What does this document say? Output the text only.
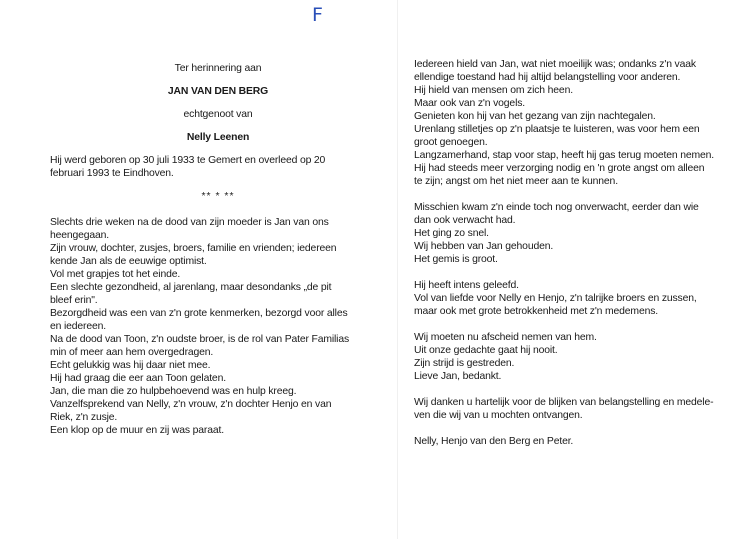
F
Ter herinnering aan
JAN VAN DEN BERG
echtgenoot van
Nelly Leenen
Hij werd geboren op 30 juli 1933 te Gemert en overleed op 20
februari 1993 te Eindhoven.
** * **
Slechts drie weken na de dood van zijn moeder is Jan van ons
heengegaan.
Zijn vrouw, dochter, zusjes, broers, familie en vrienden; iedereen
kende Jan als de eeuwige optimist.
Vol met grapjes tot het einde.
Een slechte gezondheid, al jarenlang, maar desondanks „de pit
bleef erin".
Bezorgdheid was een van z'n grote kenmerken, bezorgd voor alles
en iedereen.
Na de dood van Toon, z'n oudste broer, is de rol van Pater Familias
min of meer aan hem overgedragen.
Echt gelukkig was hij daar niet mee.
Hij had graag die eer aan Toon gelaten.
Jan, die man die zo hulpbehoevend was en hulp kreeg.
Vanzelfsprekend van Nelly, z'n vrouw, z'n dochter Henjo en van
Riek, z'n zusje.
Een klop op de muur en zij was paraat.
Iedereen hield van Jan, wat niet moeilijk was; ondanks z'n vaak
ellendige toestand had hij altijd belangstelling voor anderen.
Hij hield van mensen om zich heen.
Maar ook van z'n vogels.
Genieten kon hij van het gezang van zijn nachtegalen.
Urenlang stilletjes op z'n plaatsje te luisteren, was voor hem een
groot genoegen.
Langzamerhand, stap voor stap, heeft hij gas terug moeten nemen.
Hij had steeds meer verzorging nodig en 'n grote angst om alleen
te zijn; angst om het niet meer aan te kunnen.
Misschien kwam z'n einde toch nog onverwacht, eerder dan wie
dan ook verwacht had.
Het ging zo snel.
Wij hebben van Jan gehouden.
Het gemis is groot.
Hij heeft intens geleefd.
Vol van liefde voor Nelly en Henjo, z'n talrijke broers en zussen,
maar ook met grote betrokkenheid met z'n medemens.
Wij moeten nu afscheid nemen van hem.
Uit onze gedachte gaat hij nooit.
Zijn strijd is gestreden.
Lieve Jan, bedankt.
Wij danken u hartelijk voor de blijken van belangstelling en medele-
ven die wij van u mochten ontvangen.
Nelly, Henjo van den Berg en Peter.
